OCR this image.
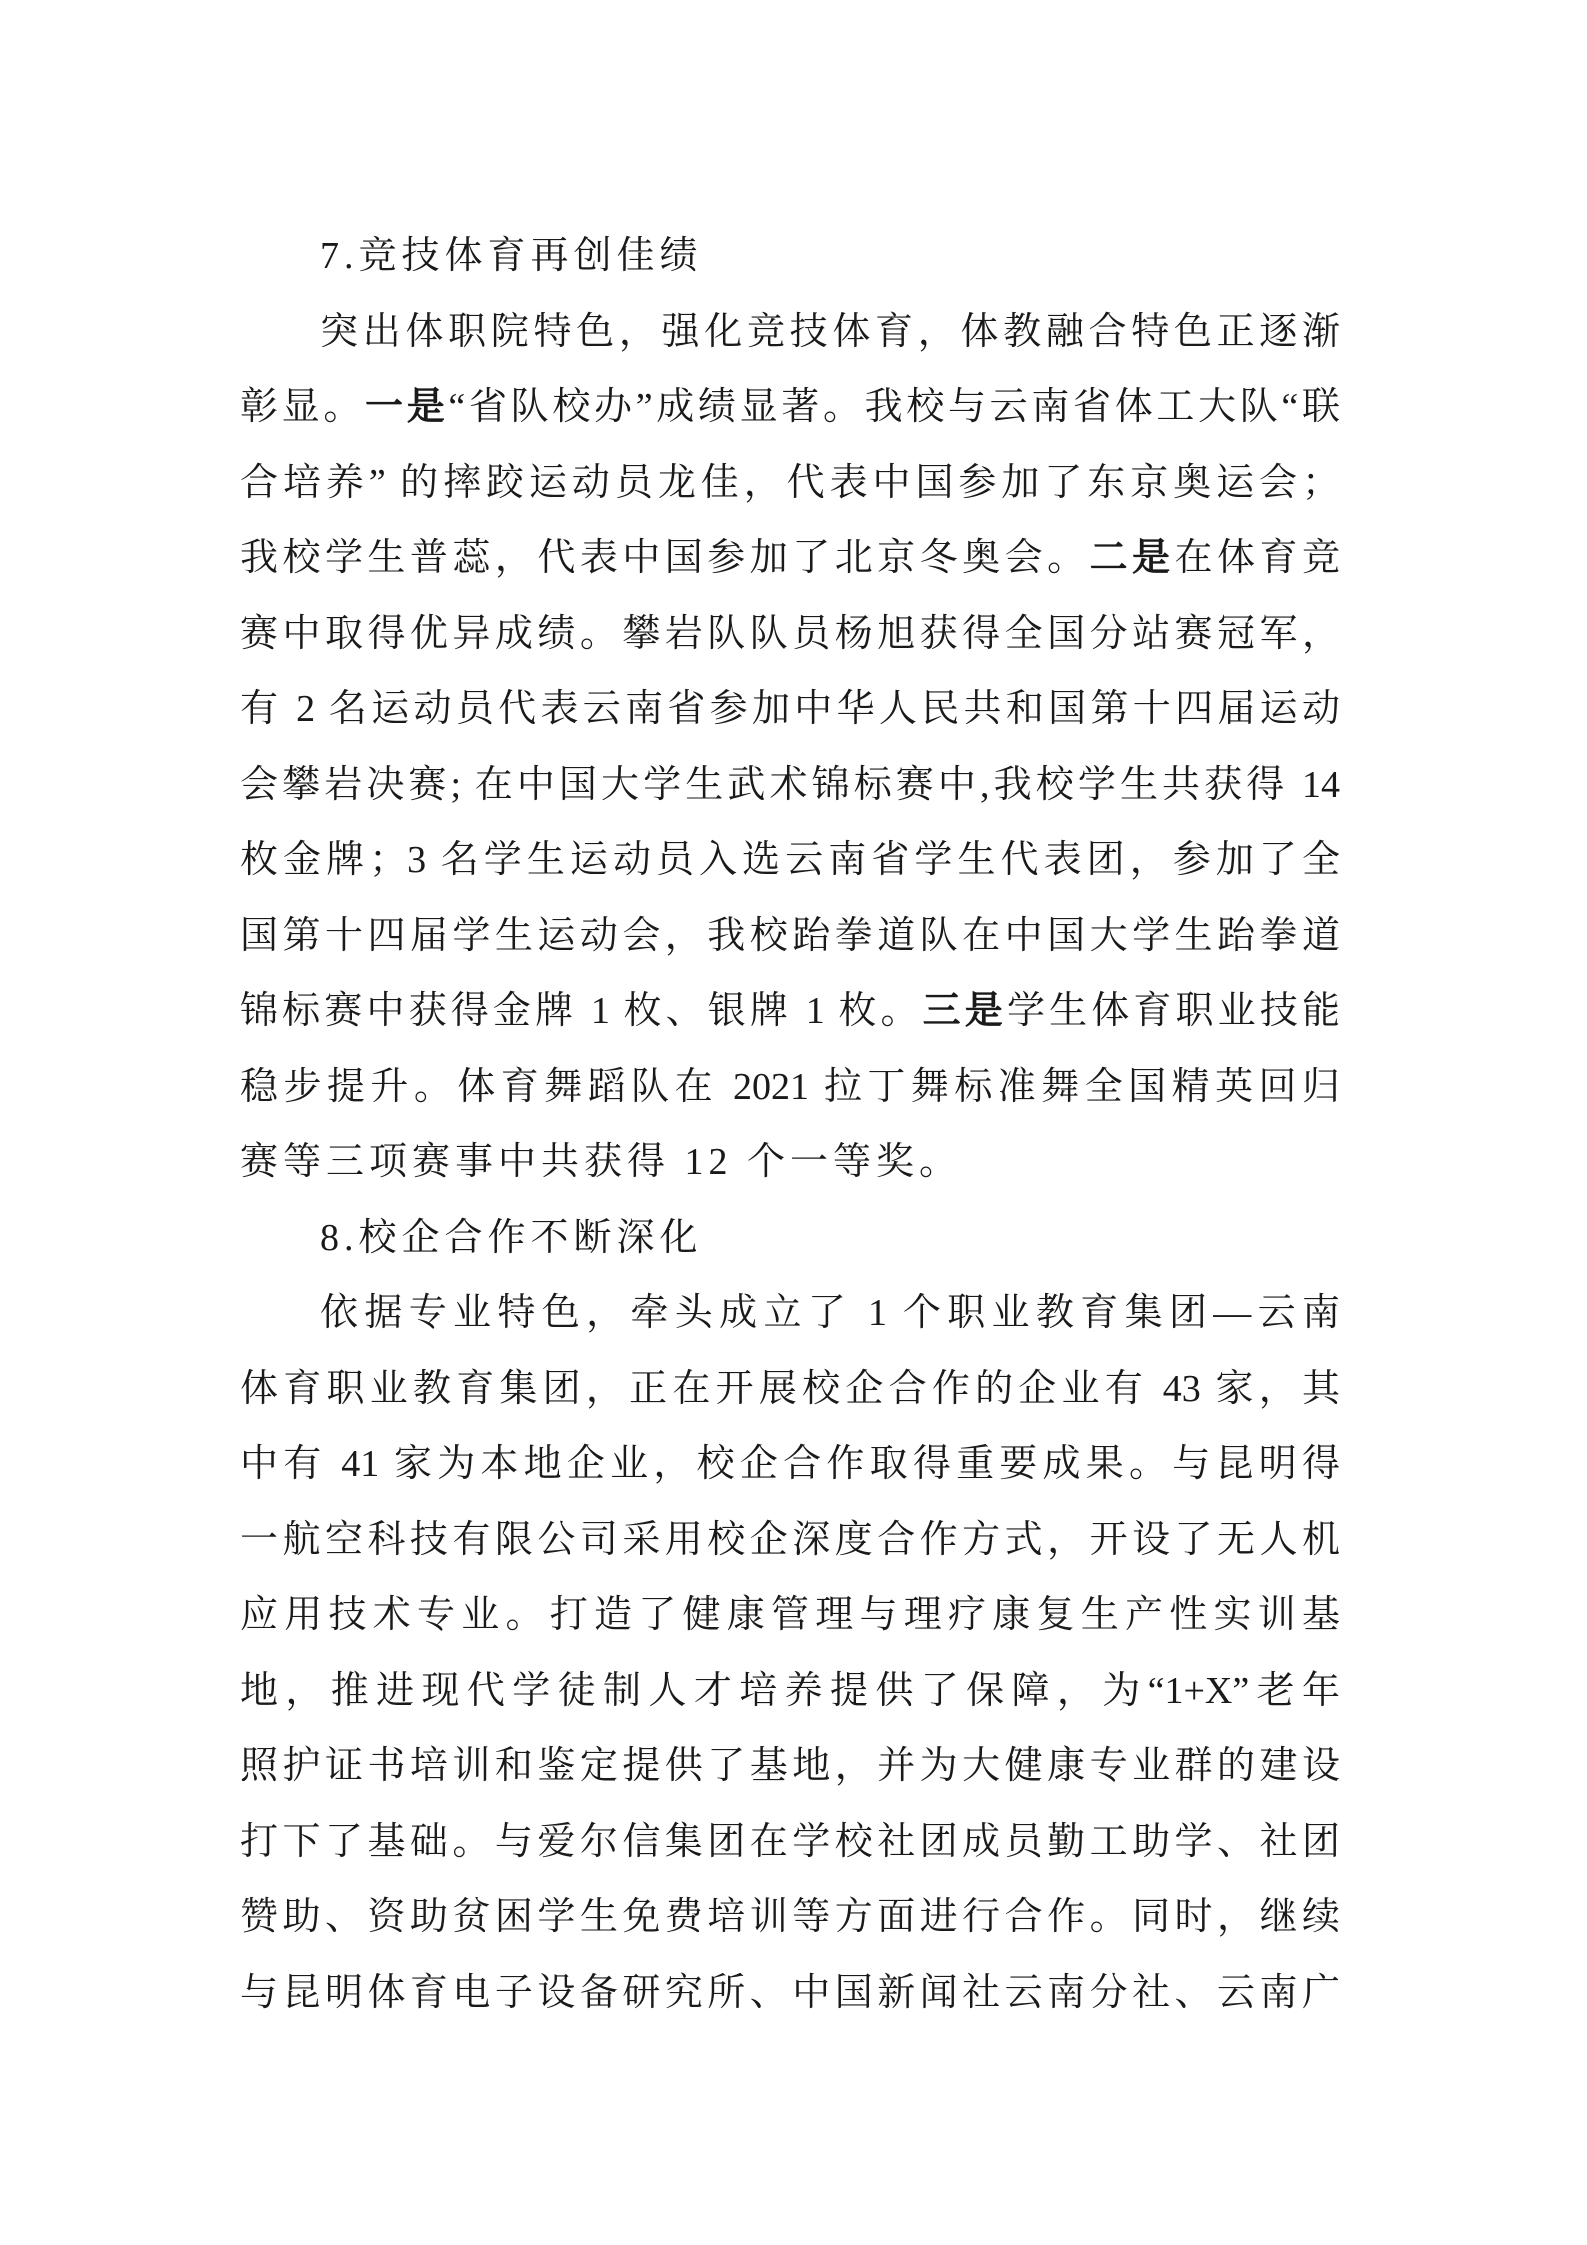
7.竞技体育再创佳绩
突出体职院特色，强化竞技体育，体教融合特色正逐渐
彰显。一是“省队校办”成绩显著。我校与云南省体工大队“联
合培养” 的摔跤运动员龙佳，代表中国参加了东京奥运会；
我校学生普蕊，代表中国参加了北京冬奥会。二是在体育竞
赛中取得优异成绩。攀岩队队员杨旭获得全国分站赛冠军，
有 2 名运动员代表云南省参加中华人民共和国第十四届运动
会攀岩决赛; 在中国大学生武术锦标赛中,我校学生共获得 14
枚金牌；3 名学生运动员入选云南省学生代表团，参加了全
国第十四届学生运动会，我校跆拳道队在中国大学生跆拳道
锦标赛中获得金牌 1 枚、银牌 1 枚。三是学生体育职业技能
稳步提升。体育舞蹈队在 2021 拉丁舞标准舞全国精英回归
赛等三项赛事中共获得 12 个一等奖。
8.校企合作不断深化
依据专业特色，牵头成立了 1 个职业教育集团—云南
体育职业教育集团，正在开展校企合作的企业有 43 家，其
中有 41 家为本地企业，校企合作取得重要成果。与昆明得
一航空科技有限公司采用校企深度合作方式，开设了无人机
应用技术专业。打造了健康管理与理疗康复生产性实训基
地，推进现代学徒制人才培养提供了保障，为“1+X”老年
照护证书培训和鉴定提供了基地，并为大健康专业群的建设
打下了基础。与爱尔信集团在学校社团成员勤工助学、社团
赞助、资助贫困学生免费培训等方面进行合作。同时，继续
与昆明体育电子设备研究所、中国新闻社云南分社、云南广
